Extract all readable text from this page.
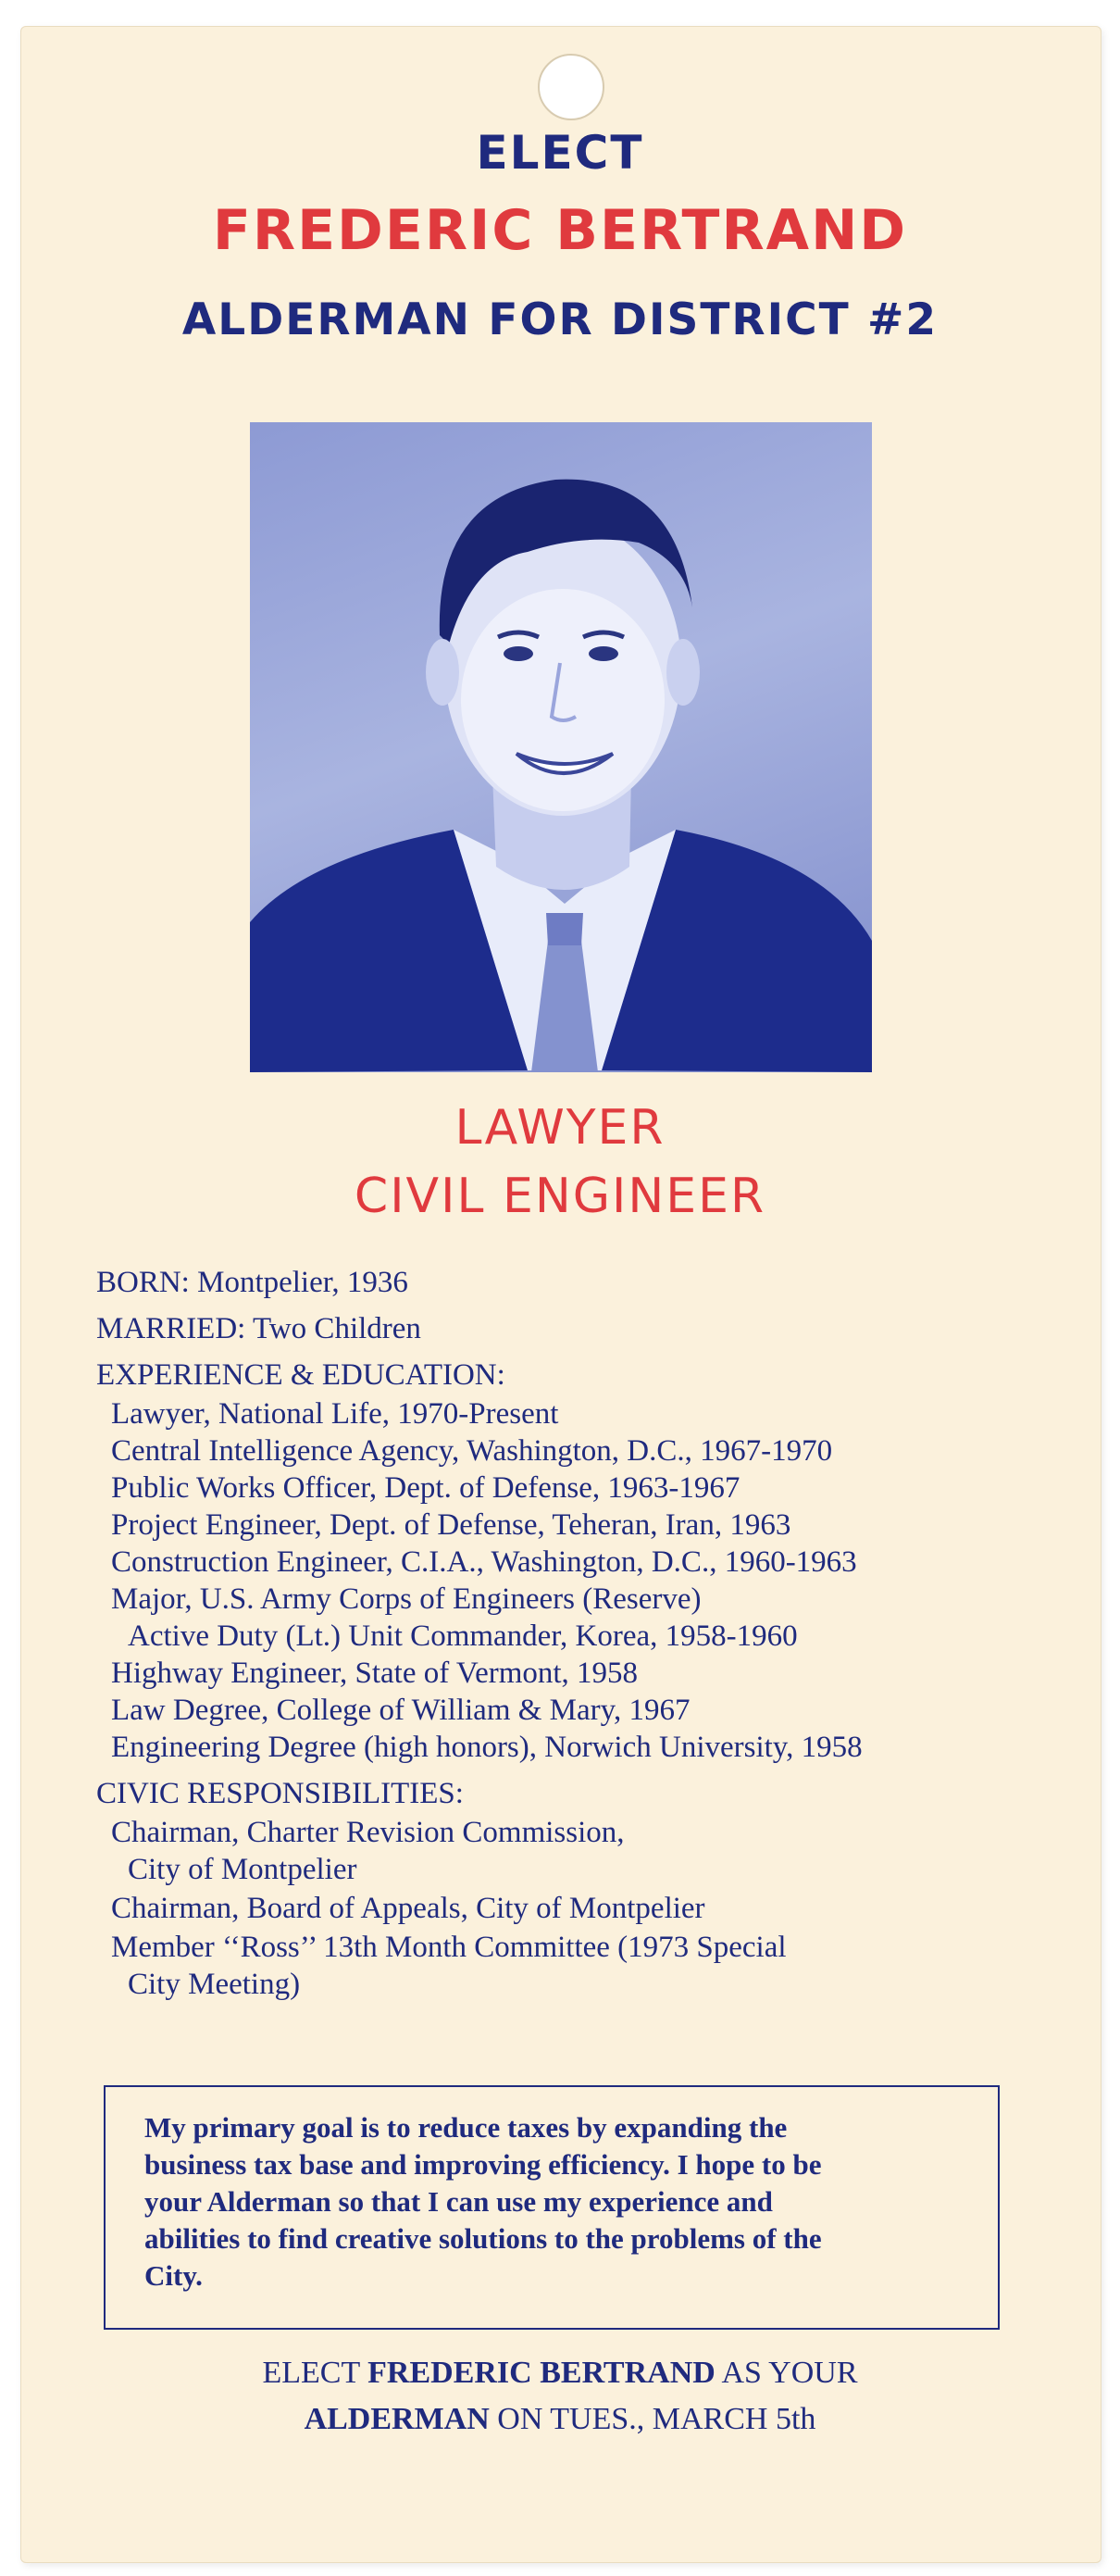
ELECT
FREDERIC BERTRAND
ALDERMAN FOR DISTRICT #2
LAWYER
CIVIL ENGINEER
BORN: Montpelier, 1936
MARRIED: Two Children
EXPERIENCE & EDUCATION:
Lawyer, National Life, 1970-Present
Central Intelligence Agency, Washington, D.C., 1967-1970
Public Works Officer, Dept. of Defense, 1963-1967
Project Engineer, Dept. of Defense, Teheran, Iran, 1963
Construction Engineer, C.I.A., Washington, D.C., 1960-1963
Major, U.S. Army Corps of Engineers (Reserve)
Active Duty (Lt.) Unit Commander, Korea, 1958-1960
Highway Engineer, State of Vermont, 1958
Law Degree, College of William & Mary, 1967
Engineering Degree (high honors), Norwich University, 1958
CIVIC RESPONSIBILITIES:
Chairman, Charter Revision Commission,
City of Montpelier
Chairman, Board of Appeals, City of Montpelier
Member ‘‘Ross’’ 13th Month Committee (1973 Special
City Meeting)
My primary goal is to reduce taxes by expanding the
business tax base and improving efficiency. I hope to be
your Alderman so that I can use my experience and
abilities to find creative solutions to the problems of the
City.
ELECT FREDERIC BERTRAND AS YOUR
ALDERMAN ON TUES., MARCH 5th
